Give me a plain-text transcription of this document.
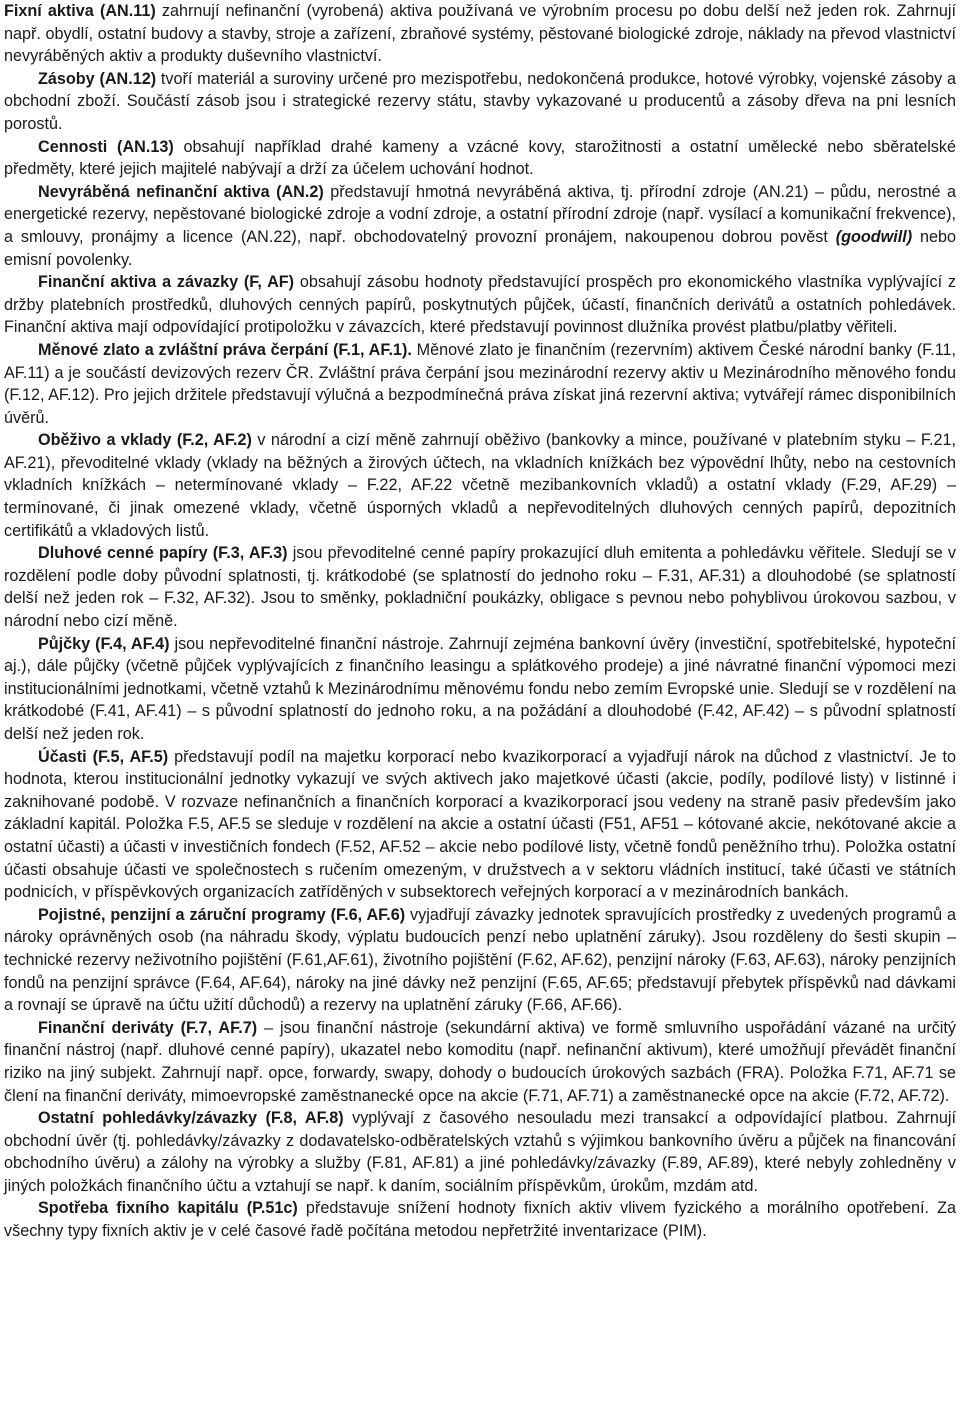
Fixní aktiva (AN.11) zahrnují nefinanční (vyrobená) aktiva používaná ve výrobním procesu po dobu delší než jeden rok. Zahrnují např. obydlí, ostatní budovy a stavby, stroje a zařízení, zbraňové systémy, pěstované biologické zdroje, náklady na převod vlastnictví nevyráběných aktiv a produkty duševního vlastnictví.

Zásoby (AN.12) tvoří materiál a suroviny určené pro mezispotřebu, nedokončená produkce, hotové výrobky, vojenské zásoby a obchodní zboží. Součástí zásob jsou i strategické rezervy státu, stavby vykazované u producentů a zásoby dřeva na pni lesních porostů.

Cennosti (AN.13) obsahují například drahé kameny a vzácné kovy, starožitnosti a ostatní umělecké nebo sběratelské předměty, které jejich majitelé nabývají a drží za účelem uchování hodnot.

Nevyráběná nefinanční aktiva (AN.2) představují hmotná nevyráběná aktiva, tj. přírodní zdroje (AN.21) – půdu, nerostné a energetické rezervy, nepěstované biologické zdroje a vodní zdroje, a ostatní přírodní zdroje (např. vysílací a komunikační frekvence), a smlouvy, pronájmy a licence (AN.22), např. obchodovatelný provozní pronájem, nakoupenou dobrou pověst (goodwill) nebo emisní povolenky.

Finanční aktiva a závazky (F, AF) obsahují zásobu hodnoty představující prospěch pro ekonomického vlastníka vyplývající z držby platebních prostředků, dluhových cenných papírů, poskytnutých půjček, účastí, finančních derivátů a ostatních pohledávek. Finanční aktiva mají odpovídající protipoložku v závazcích, které představují povinnost dlužníka provést platbu/platby věřiteli.

Měnové zlato a zvláštní práva čerpání (F.1, AF.1). Měnové zlato je finančním (rezervním) aktivem České národní banky (F.11, AF.11) a je součástí devizových rezerv ČR. Zvláštní práva čerpání jsou mezinárodní rezervy aktiv u Mezinárodního měnového fondu (F.12, AF.12). Pro jejich držitele představují výlučná a bezpodmínečná práva získat jiná rezervní aktiva; vytvářejí rámec disponibilních úvěrů.

Oběživo a vklady (F.2, AF.2) v národní a cizí měně zahrnují oběživo (bankovky a mince, používané v platebním styku – F.21, AF.21), převoditelné vklady (vklady na běžných a žirových účtech, na vkladních knížkách bez výpovědní lhůty, nebo na cestovních vkladních knížkách – netermínované vklady – F.22, AF.22 včetně mezibankovních vkladů) a ostatní vklady (F.29, AF.29) – termínované, či jinak omezené vklady, včetně úsporných vkladů a nepřevoditelných dluhových cenných papírů, depozitních certifikátů a vkladových listů.

Dluhové cenné papíry (F.3, AF.3) jsou převoditelné cenné papíry prokazující dluh emitenta a pohledávku věřitele. Sledují se v rozdělení podle doby původní splatnosti, tj. krátkodobé (se splatností do jednoho roku – F.31, AF.31) a dlouhodobé (se splatností delší než jeden rok – F.32, AF.32). Jsou to směnky, pokladniční poukázky, obligace s pevnou nebo pohyblivou úrokovou sazbou, v národní nebo cizí měně.

Půjčky (F.4, AF.4) jsou nepřevoditelné finanční nástroje. Zahrnují zejména bankovní úvěry (investiční, spotřebitelské, hypoteční aj.), dále půjčky (včetně půjček vyplývajících z finančního leasingu a splátkového prodeje) a jiné návratné finanční výpomoci mezi institucionálními jednotkami, včetně vztahů k Mezinárodnímu měnovému fondu nebo zemím Evropské unie. Sledují se v rozdělení na krátkodobé (F.41, AF.41) – s původní splatností do jednoho roku, a na požádání a dlouhodobé (F.42, AF.42) – s původní splatností delší než jeden rok.

Účasti (F.5, AF.5) představují podíl na majetku korporací nebo kvazikorporací a vyjadřují nárok na důchod z vlastnictví. Je to hodnota, kterou institucionální jednotky vykazují ve svých aktivech jako majetkové účasti (akcie, podíly, podílové listy) v listinné i zaknihované podobě. V rozvaze nefinančních a finančních korporací a kvazikorporací jsou vedeny na straně pasiv především jako základní kapitál. Položka F.5, AF.5 se sleduje v rozdělení na akcie a ostatní účasti (F51, AF51 – kótované akcie, nekótované akcie a ostatní účasti) a účasti v investičních fondech (F.52, AF.52 – akcie nebo podílové listy, včetně fondů peněžního trhu). Položka ostatní účasti obsahuje účasti ve společnostech s ručením omezeným, v družstvech a v sektoru vládních institucí, také účasti ve státních podnicích, v příspěvkových organizacích zatříděných v subsektorech veřejných korporací a v mezinárodních bankách.

Pojistné, penzijní a záruční programy (F.6, AF.6) vyjadřují závazky jednotek spravujících prostředky z uvedených programů a nároky oprávněných osob (na náhradu škody, výplatu budoucích penzí nebo uplatnění záruky). Jsou rozděleny do šesti skupin – technické rezervy neživotního pojištění (F.61,AF.61), životního pojištění (F.62, AF.62), penzijní nároky (F.63, AF.63), nároky penzijních fondů na penzijní správce (F.64, AF.64), nároky na jiné dávky než penzijní (F.65, AF.65; představují přebytek příspěvků nad dávkami a rovnají se úpravě na účtu užití důchodů) a rezervy na uplatnění záruky (F.66, AF.66).

Finanční deriváty (F.7, AF.7) – jsou finanční nástroje (sekundární aktiva) ve formě smluvního uspořádání vázané na určitý finanční nástroj (např. dluhové cenné papíry), ukazatel nebo komoditu (např. nefinanční aktivum), které umožňují převádět finanční riziko na jiný subjekt. Zahrnují např. opce, forwardy, swapy, dohody o budoucích úrokových sazbách (FRA). Položka F.71, AF.71 se člení na finanční deriváty, mimoevropské zaměstnanecké opce na akcie (F.71, AF.71) a zaměstnanecké opce na akcie (F.72, AF.72).

Ostatní pohledávky/závazky (F.8, AF.8) vyplývají z časového nesouladu mezi transakcí a odpovídající platbou. Zahrnují obchodní úvěr (tj. pohledávky/závazky z dodavatelsko-odběratelských vztahů s výjimkou bankovního úvěru a půjček na financování obchodního úvěru) a zálohy na výrobky a služby (F.81, AF.81) a jiné pohledávky/závazky (F.89, AF.89), které nebyly zohledněny v jiných položkách finančního účtu a vztahují se např. k daním, sociálním příspěvkům, úrokům, mzdám atd.

Spotřeba fixního kapitálu (P.51c) představuje snížení hodnoty fixních aktiv vlivem fyzického a morálního opotřebení. Za všechny typy fixních aktiv je v celé časové řadě počítána metodou nepřetržité inventarizace (PIM).
